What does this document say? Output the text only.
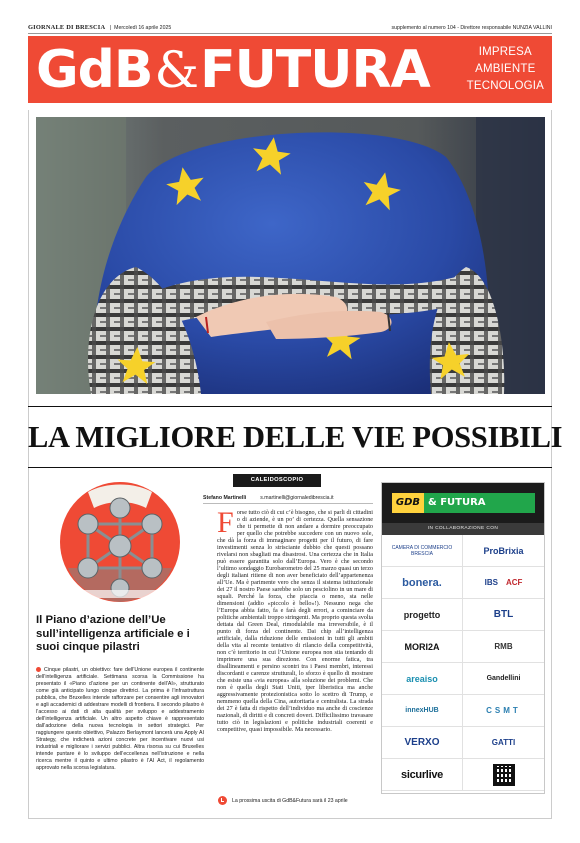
GIORNALE DI BRESCIA | Mercoledì 16 aprile 2025	supplemento al numero 104 - Direttore responsabile NUNZIA VALLINI
GdB&FUTURA	IMPRESA
AMBIENTE
TECNOLOGIA
LA MIGLIORE DELLE VIE POSSIBILI
Il Piano d’azione dell’Ue sull’intelligenza artificiale e i suoi cinque pilastri
Cinque pilastri, un obiettivo: fare dell’Unione europea il continente dell’intelligenza artificiale. Settimana scorsa la Commissione ha presentato il «Piano d’azione per un continente dell’AI», strutturato come già anticipato lungo cinque direttrici. La prima è l’infrastruttura pubblica, che Bruxelles intende rafforzare per consentire agli innovatori e agli accademici di addestrare modelli di frontiera. Il secondo pilastro è l’accesso ai dati di alta qualità per sviluppo e addestramento dell’intelligenza artificiale. Un altro aspetto chiave è rappresentato dall’adozione della nuova tecnologia in settori strategici. Per raggiungere questo obiettivo, Palazzo Berlaymont lancerà una Apply AI Strategy, che indicherà azioni concrete per incentivare nuovi usi industriali e migliorare i servizi pubblici. Altra risorsa su cui Bruxelles intende puntare è lo sviluppo dell’eccellenza nell’istruzione e nella ricerca mentre il quinto e ultimo pilastro è l’AI Act, il regolamento approvato nella scorsa legislatura.
CALEIDOSCOPIO
Stefano Martinelli	s.martinelli@giornaledibrescia.it
Forse tutto ciò di cui c’è bisogno, che si parli di cittadini o di aziende, è un po’ di certezza. Quella sensazione che ti permette di non andare a dormire preoccupato per quello che potrebbe succedere con un nuovo sole, che dà la forza di immaginare progetti per il futuro, di fare investimenti senza lo strisciante dubbio che questi possano rivelarsi non sbagliati ma disastrosi. Una certezza che in Italia può essere garantita solo dall’Europa. Vero è che secondo l’ultimo sondaggio Eurobarometro del 25 marzo quasi un terzo degli italiani ritiene di non aver beneficiato dell’appartenenza all’Ue. Ma è parimente vero che senza il sistema istituzionale dei 27 il nostro Paese sarebbe solo un pesciolino in un mare di squali. Perché la forza, che piaccia o meno, sta nelle dimensioni (addio «piccolo è bello»!). Nessuno nega che l’Europa abbia fatto, fa e farà degli errori, a cominciare da politiche ambientali troppo stringenti. Ma proprio questa svolta dettata dal Green Deal, rimodulabile ma irreversibile, è il punto di forza del continente. Dai chip all’intelligenza artificiale, dalla riduzione delle emissioni in tutti gli ambiti della vita al recente tentativo di rilancio della competitività, non c’è territorio in cui l’Unione europea non stia tentando di imprimere una sua direzione. Con enorme fatica, tra disallineamenti e persino scontri tra i Paesi membri, interessi discordanti e carenze strutturali, lo sforzo è quello di mostrare che esiste una «via europea» alla soluzione dei problemi. Che non è quella degli Stati Uniti, iper liberistica ma anche aggressivamente protezionistica sotto lo scettro di Trump, e nemmeno quella della Cina, autoritaria e centralista. La strada dei 27 è fatta di rispetto dell’individuo ma anche di coscienze nazionali, di diritti e di concreti doveri. Difficilissimo travasare tutto ciò in legislazioni e politiche industriali coerenti e competitive, quasi impossibile. Ma necessario.
La prossima uscita di GdB&Futura sarà il 23 aprile
GDB & FUTURA
IN COLLABORAZIONE CON
CAMERA DI COMMERCIO BRESCIA	ProBrixia
bonera.	IBS ACF
progetto	BTL
MORI2A	RMB
areaiso	Gandellini
innexHUB	CSMT
VERXO	GATTI
sicurlive
